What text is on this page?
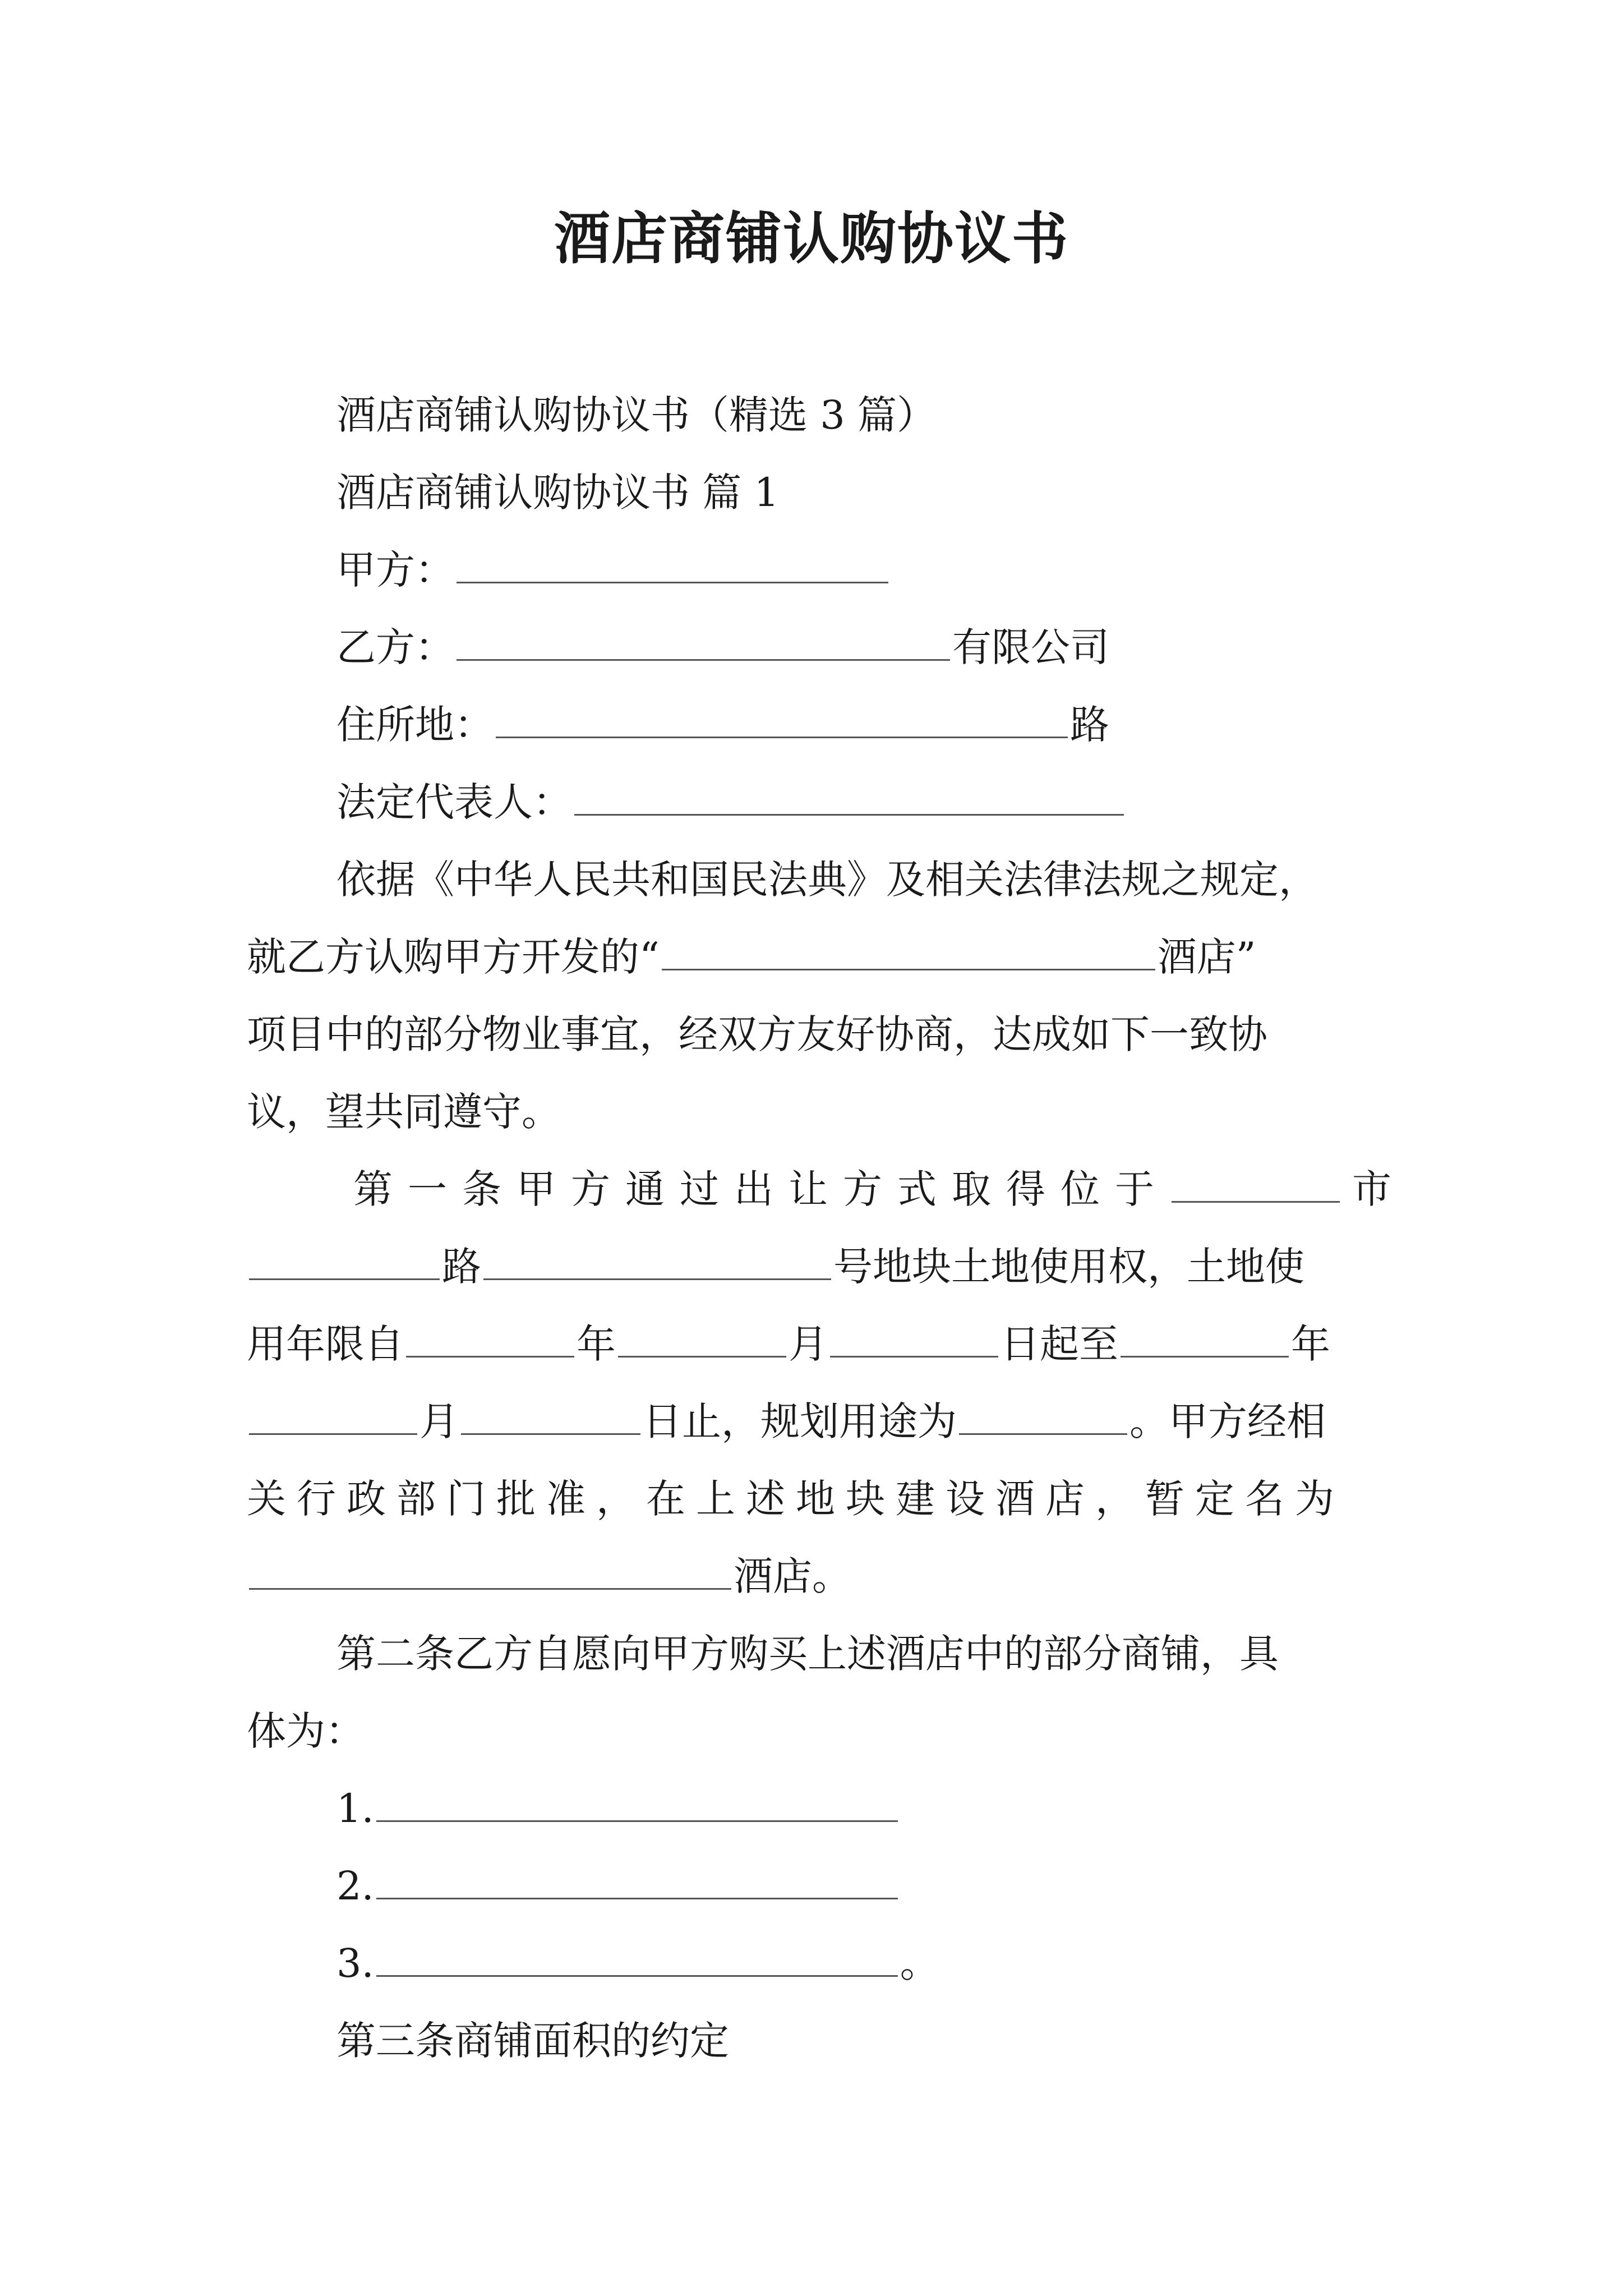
酒店商铺认购协议书
酒店商铺认购协议书（精选 3 篇）
酒店商铺认购协议书 篇 1
甲方：
乙方：	有限公司
住所地：	路
法定代表人：
依据《中华人民共和国民法典》及相关法律法规之规定，
就乙方认购甲方开发的“	酒店”
项目中的部分物业事宜，经双方友好协商，达成如下一致协
议，望共同遵守。
第一条甲方通过出让方式取得位于	市
路	号地块土地使用权，土地使
用年限自	年	月	日起至	年
月	日止，规划用途为	。甲方经相
关行政部门批准，在上述地块建设酒店，暂定名为
酒店。
第二条乙方自愿向甲方购买上述酒店中的部分商铺，具
体为：
1.
2.
3.	。
第三条商铺面积的约定
